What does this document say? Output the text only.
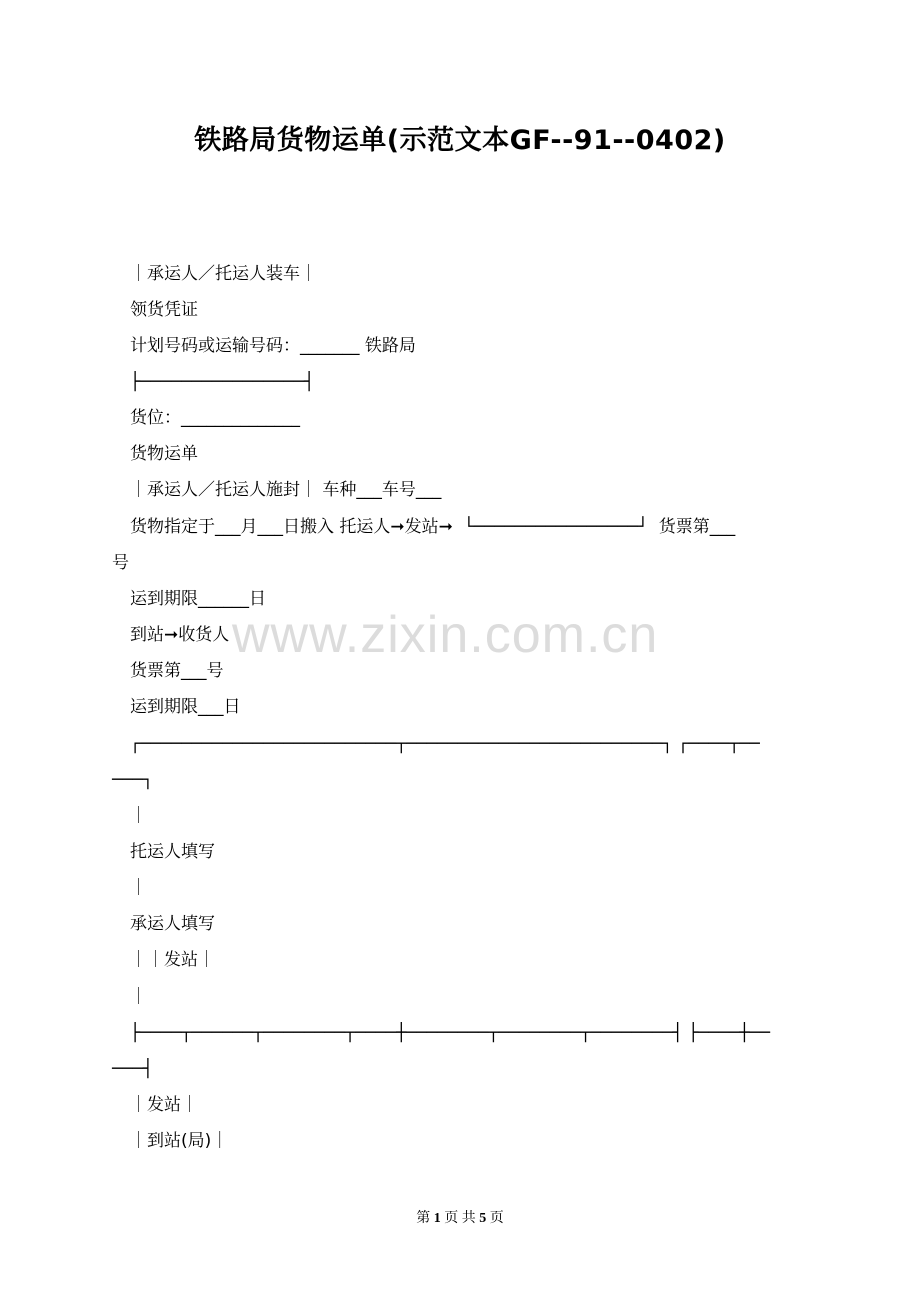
铁路局货物运单(示范文本GF--91--0402)
｜承运人／托运人装车｜
领货凭证
计划号码或运输号码：_______ 铁路局
├────────────────┤
货位：______________
货物运单
｜承运人／托运人施封｜ 车种___车号___
货物指定于___月___日搬入 托运人➞发站➞  └────────────────┘  货票第___
号
运到期限______日
到站➞收货人
货票第___号
运到期限___日
┌─────────────────────────┬─────────────────────────┐ ┌────┬──
───┐
｜
托运人填写
｜
承运人填写
｜｜发站｜
｜
├────┬──────┬────────┬────┼────────┬────────┬────────┤ ├────┼──
───┤
｜发站｜
｜到站(局)｜
www.zixin.com.cn
第 1 页 共 5 页
